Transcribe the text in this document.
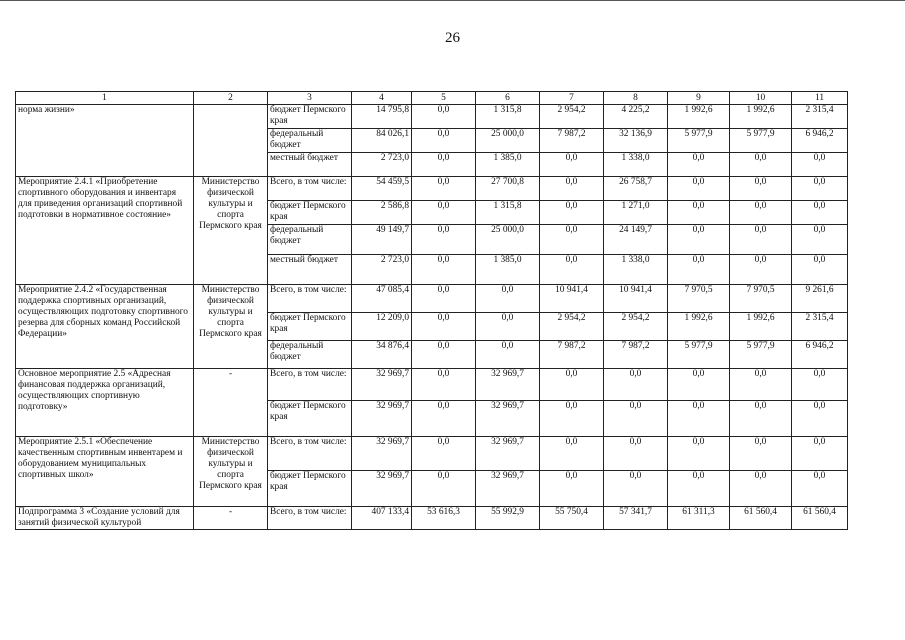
26
1	2	3	4	5	6	7	8	9	10	11
норма жизни»		бюджет Пермского края	14 795,8	0,0	1 315,8	2 954,2	4 225,2	1 992,6	1 992,6	2 315,4
		федеральный бюджет	84 026,1	0,0	25 000,0	7 987,2	32 136,9	5 977,9	5 977,9	6 946,2
		местный бюджет	2 723,0	0,0	1 385,0	0,0	1 338,0	0,0	0,0	0,0
Мероприятие 2.4.1 «Приобретение спортивного оборудования и инвентаря для приведения организаций спортивной подготовки в нормативное состояние»	Министерство физической культуры и спорта Пермского края	Всего, в том числе:	54 459,5	0,0	27 700,8	0,0	26 758,7	0,0	0,0	0,0
		бюджет Пермского края	2 586,8	0,0	1 315,8	0,0	1 271,0	0,0	0,0	0,0
		федеральный бюджет	49 149,7	0,0	25 000,0	0,0	24 149,7	0,0	0,0	0,0
		местный бюджет	2 723,0	0,0	1 385,0	0,0	1 338,0	0,0	0,0	0,0
Мероприятие 2.4.2 «Государственная поддержка спортивных организаций, осуществляющих подготовку спортивного резерва для сборных команд Российской Федерации»	Министерство физической культуры и спорта Пермского края	Всего, в том числе:	47 085,4	0,0	0,0	10 941,4	10 941,4	7 970,5	7 970,5	9 261,6
		бюджет Пермского края	12 209,0	0,0	0,0	2 954,2	2 954,2	1 992,6	1 992,6	2 315,4
		федеральный бюджет	34 876,4	0,0	0,0	7 987,2	7 987,2	5 977,9	5 977,9	6 946,2
Основное мероприятие 2.5 «Адресная финансовая поддержка организаций, осуществляющих спортивную подготовку»	-	Всего, в том числе:	32 969,7	0,0	32 969,7	0,0	0,0	0,0	0,0	0,0
		бюджет Пермского края	32 969,7	0,0	32 969,7	0,0	0,0	0,0	0,0	0,0
Мероприятие 2.5.1 «Обеспечение качественным спортивным инвентарем и оборудованием муниципальных спортивных школ»	Министерство физической культуры и спорта Пермского края	Всего, в том числе:	32 969,7	0,0	32 969,7	0,0	0,0	0,0	0,0	0,0
		бюджет Пермского края	32 969,7	0,0	32 969,7	0,0	0,0	0,0	0,0	0,0
Подпрограмма 3 «Создание условий для занятий физической культурой	-	Всего, в том числе:	407 133,4	53 616,3	55 992,9	55 750,4	57 341,7	61 311,3	61 560,4	61 560,4
